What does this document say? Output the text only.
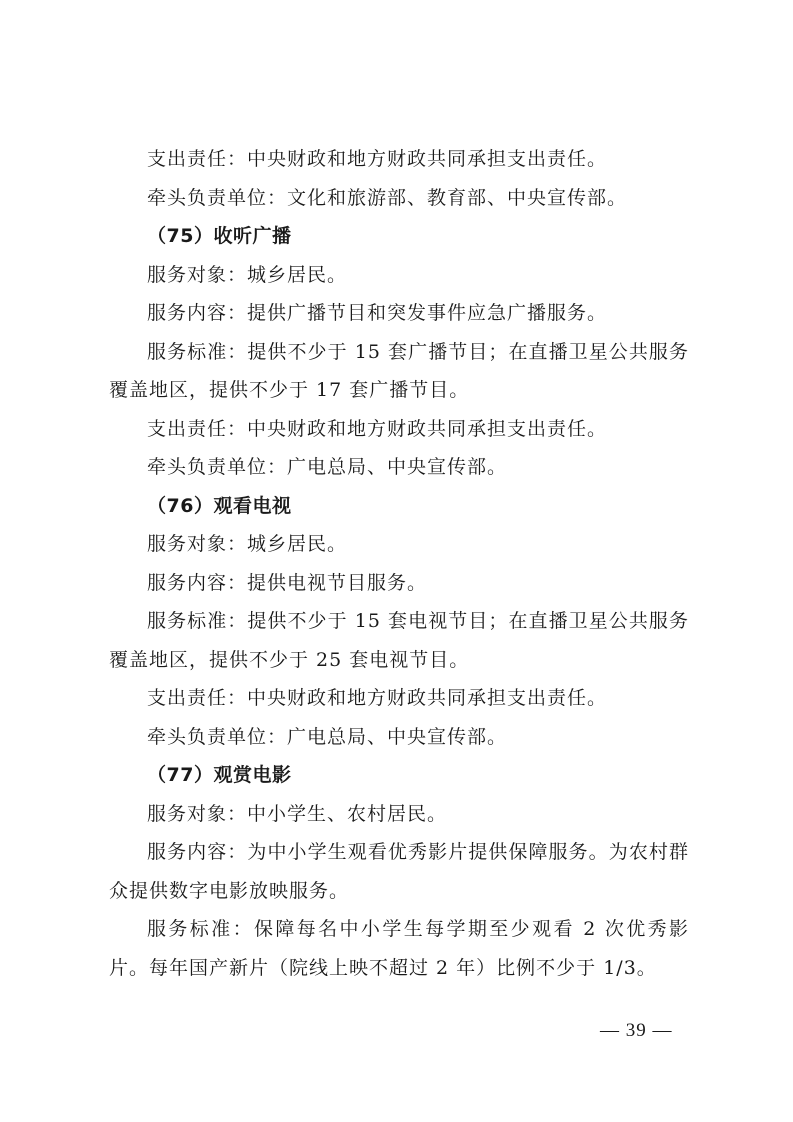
支出责任：中央财政和地方财政共同承担支出责任。

牵头负责单位：文化和旅游部、教育部、中央宣传部。

（75）收听广播

服务对象：城乡居民。

服务内容：提供广播节目和突发事件应急广播服务。

服务标准：提供不少于 15 套广播节目；在直播卫星公共服务覆盖地区，提供不少于 17 套广播节目。

支出责任：中央财政和地方财政共同承担支出责任。

牵头负责单位：广电总局、中央宣传部。

（76）观看电视

服务对象：城乡居民。

服务内容：提供电视节目服务。

服务标准：提供不少于 15 套电视节目；在直播卫星公共服务覆盖地区，提供不少于 25 套电视节目。

支出责任：中央财政和地方财政共同承担支出责任。

牵头负责单位：广电总局、中央宣传部。

（77）观赏电影

服务对象：中小学生、农村居民。

服务内容：为中小学生观看优秀影片提供保障服务。为农村群众提供数字电影放映服务。

服务标准：保障每名中小学生每学期至少观看 2 次优秀影片。每年国产新片（院线上映不超过 2 年）比例不少于 1/3。

— 39 —
